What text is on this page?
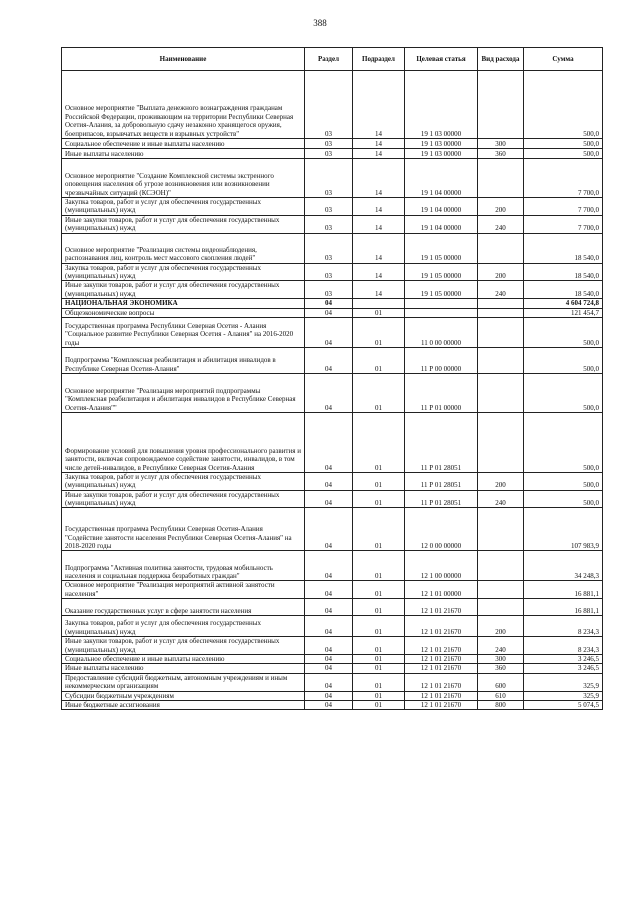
388
Наименование	Раздел	Подраздел	Целевая статья	Вид расхода	Сумма
Основное мероприятие "Выплата денежного вознаграждения гражданам Российской Федерации, проживающим на территории Республики Северная Осетия-Алания, за добровольную сдачу незаконно хранящегося оружия, боеприпасов, взрывчатых веществ и взрывных устройств"	03	14	19 1 03 00000		500,0
Социальное обеспечение и иные выплаты населению	03	14	19 1 03 00000	300	500,0
Иные выплаты населению	03	14	19 1 03 00000	360	500,0
Основное мероприятие "Создание Комплексной системы экстренного оповещения населения об угрозе возникновения или возникновении чрезвычайных ситуаций (КСЭОН)"	03	14	19 1 04 00000		7 700,0
Закупка товаров, работ и услуг для обеспечения государственных (муниципальных) нужд	03	14	19 1 04 00000	200	7 700,0
Иные закупки товаров, работ и услуг для обеспечения государственных (муниципальных) нужд	03	14	19 1 04 00000	240	7 700,0
Основное мероприятие "Реализация системы видеонаблюдения, распознавания лиц, контроль мест массового скопления людей"	03	14	19 1 05 00000		18 540,0
Закупка товаров, работ и услуг для обеспечения государственных (муниципальных) нужд	03	14	19 1 05 00000	200	18 540,0
Иные закупки товаров, работ и услуг для обеспечения государственных (муниципальных) нужд	03	14	19 1 05 00000	240	18 540,0
НАЦИОНАЛЬНАЯ ЭКОНОМИКА	04				4 604 724,8
Общеэкономические вопросы	04	01			121 454,7
Государственная программа Республики Северная Осетия - Алания "Социальное развитие Республики Северная Осетия - Алания" на 2016-2020 годы	04	01	11 0 00 00000		500,0
Подпрограмма "Комплексная реабилитация и абилитация инвалидов в Республике Северная Осетия-Алания"	04	01	11 Р 00 00000		500,0
Основное мероприятие "Реализация мероприятий подпрограммы "Комплексная реабилитация и абилитация инвалидов в Республике Северная Осетия-Алания""	04	01	11 Р 01 00000		500,0
Формирование условий для повышения уровня профессионального развития и занятости, включая сопровождаемое содействие занятости, инвалидов, в том числе детей-инвалидов, в Республике Северная Осетия-Алания	04	01	11 Р 01 28051		500,0
Закупка товаров, работ и услуг для обеспечения государственных (муниципальных) нужд	04	01	11 Р 01 28051	200	500,0
Иные закупки товаров, работ и услуг для обеспечения государственных (муниципальных) нужд	04	01	11 Р 01 28051	240	500,0
Государственная программа Республики Северная Осетия-Алания "Содействие занятости населения Республики Северная Осетия-Алания" на 2018-2020 годы	04	01	12 0 00 00000		107 983,9
Подпрограмма "Активная политика занятости, трудовая мобильность населения и социальная поддержка безработных граждан"	04	01	12 1 00 00000		34 248,3
Основное мероприятие "Реализация мероприятий активной занятости населения"	04	01	12 1 01 00000		16 881,1
Оказание государственных услуг в сфере занятости населения	04	01	12 1 01 21670		16 881,1
Закупка товаров, работ и услуг для обеспечения государственных (муниципальных) нужд	04	01	12 1 01 21670	200	8 234,3
Иные закупки товаров, работ и услуг для обеспечения государственных (муниципальных) нужд	04	01	12 1 01 21670	240	8 234,3
Социальное обеспечение и иные выплаты населению	04	01	12 1 01 21670	300	3 246,5
Иные выплаты населению	04	01	12 1 01 21670	360	3 246,5
Предоставление субсидий бюджетным, автономным учреждениям и иным некоммерческим организациям	04	01	12 1 01 21670	600	325,9
Субсидии бюджетным учреждениям	04	01	12 1 01 21670	610	325,9
Иные бюджетные ассигнования	04	01	12 1 01 21670	800	5 074,5
